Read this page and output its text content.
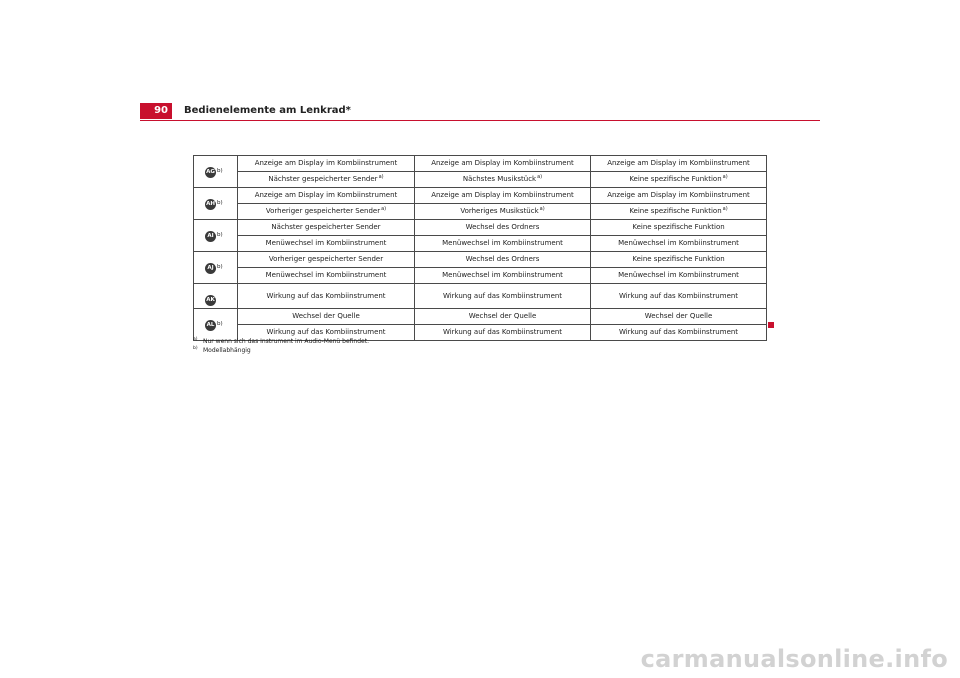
90	Bedienelemente am Lenkrad*
AG $^{b)}$	Anzeige am Display im Kombiinstrument	Anzeige am Display im Kombiinstrument	Anzeige am Display im Kombiinstrument
	Nächster gespeicherter Sender$^{a)}$	Nächstes Musikstück$^{a)}$	Keine spezifische Funktion$^{a)}$
AH $^{b)}$	Anzeige am Display im Kombiinstrument	Anzeige am Display im Kombiinstrument	Anzeige am Display im Kombiinstrument
	Vorheriger gespeicherter Sender$^{a)}$	Vorheriges Musikstück$^{a)}$	Keine spezifische Funktion$^{a)}$
AI $^{b)}$	Nächster gespeicherter Sender	Wechsel des Ordners	Keine spezifische Funktion
	Menüwechsel im Kombiinstrument	Menüwechsel im Kombiinstrument	Menüwechsel im Kombiinstrument
AJ $^{b)}$	Vorheriger gespeicherter Sender	Wechsel des Ordners	Keine spezifische Funktion
	Menüwechsel im Kombiinstrument	Menüwechsel im Kombiinstrument	Menüwechsel im Kombiinstrument
AK	Wirkung auf das Kombiinstrument	Wirkung auf das Kombiinstrument	Wirkung auf das Kombiinstrument
AL $^{b)}$	Wechsel der Quelle	Wechsel der Quelle	Wechsel der Quelle
	Wirkung auf das Kombiinstrument	Wirkung auf das Kombiinstrument	Wirkung auf das Kombiinstrument
a) Nur wenn sich das Instrument im Audio-Menü befindet.
b) Modellabhängig
carmanualsonline.info
